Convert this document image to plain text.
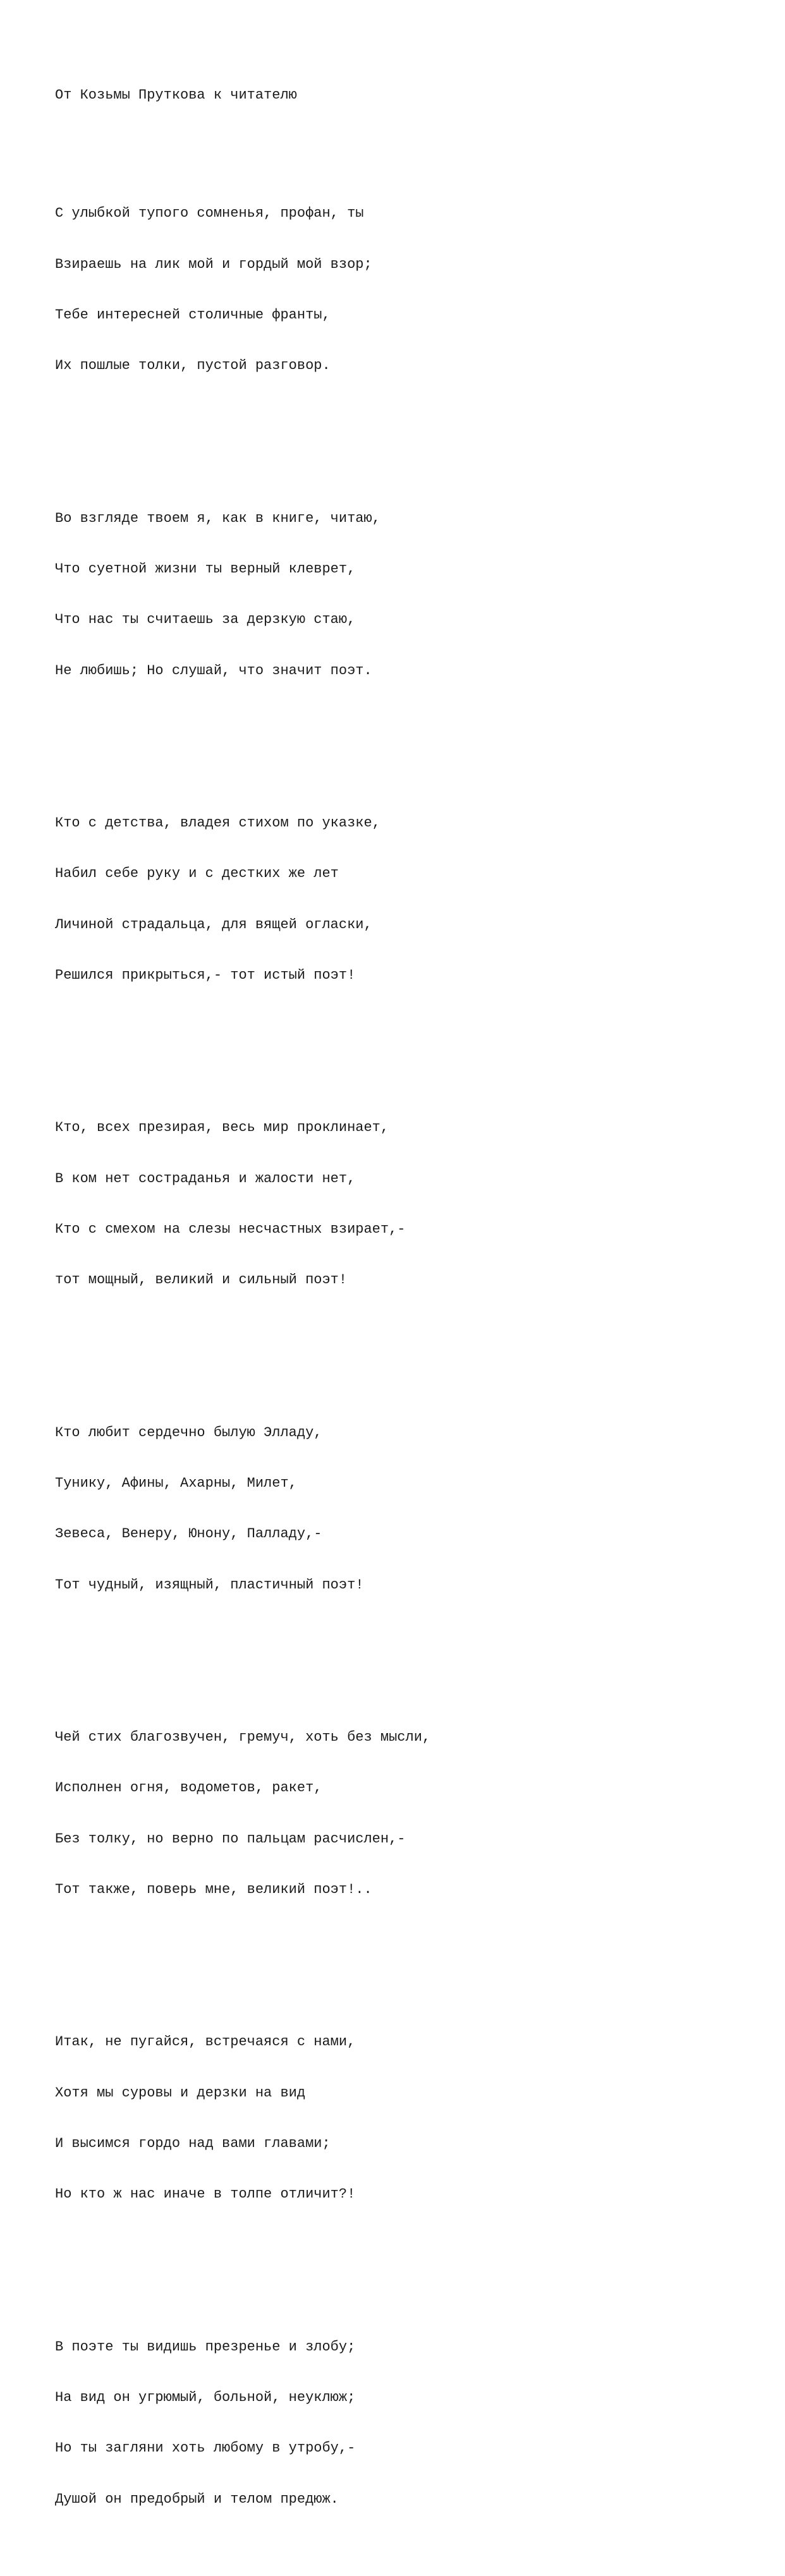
От Козьмы Пруткова к читателю

С улыбкой тупого сомненья, профан, ты

Взираешь на лик мой и гордый мой взор;

Тебе интересней столичные франты,

Их пошлые толки, пустой разговор.

Во взгляде твоем я, как в книге, читаю,

Что суетной жизни ты верный клеврет,

Что нас ты считаешь за дерзкую стаю,

Не любишь; Но слушай, что значит поэт.

Кто с детства, владея стихом по указке,

Набил себе руку и с дестких же лет

Личиной страдальца, для вящей огласки,

Решился прикрыться,- тот истый поэт!

Кто, всех презирая, весь мир проклинает,

В ком нет состраданья и жалости нет,

Кто с смехом на слезы несчастных взирает,-

тот мощный, великий и сильный поэт!

Кто любит сердечно былую Элладу,

Тунику, Афины, Ахарны, Милет,

Зевеса, Венеру, Юнону, Палладу,-

Тот чудный, изящный, пластичный поэт!

Чей стих благозвучен, гремуч, хоть без мысли,

Исполнен огня, водометов, ракет,

Без толку, но верно по пальцам расчислен,-

Тот также, поверь мне, великий поэт!..

Итак, не пугайся, встречаяся с нами,

Хотя мы суровы и дерзки на вид

И высимся гордо над вами главами;

Но кто ж нас иначе в толпе отличит?!

В поэте ты видишь презренье и злобу;

На вид он угрюмый, больной, неуклюж;

Но ты загляни хоть любому в утробу,-

Душой он предобрый и телом предюж.
